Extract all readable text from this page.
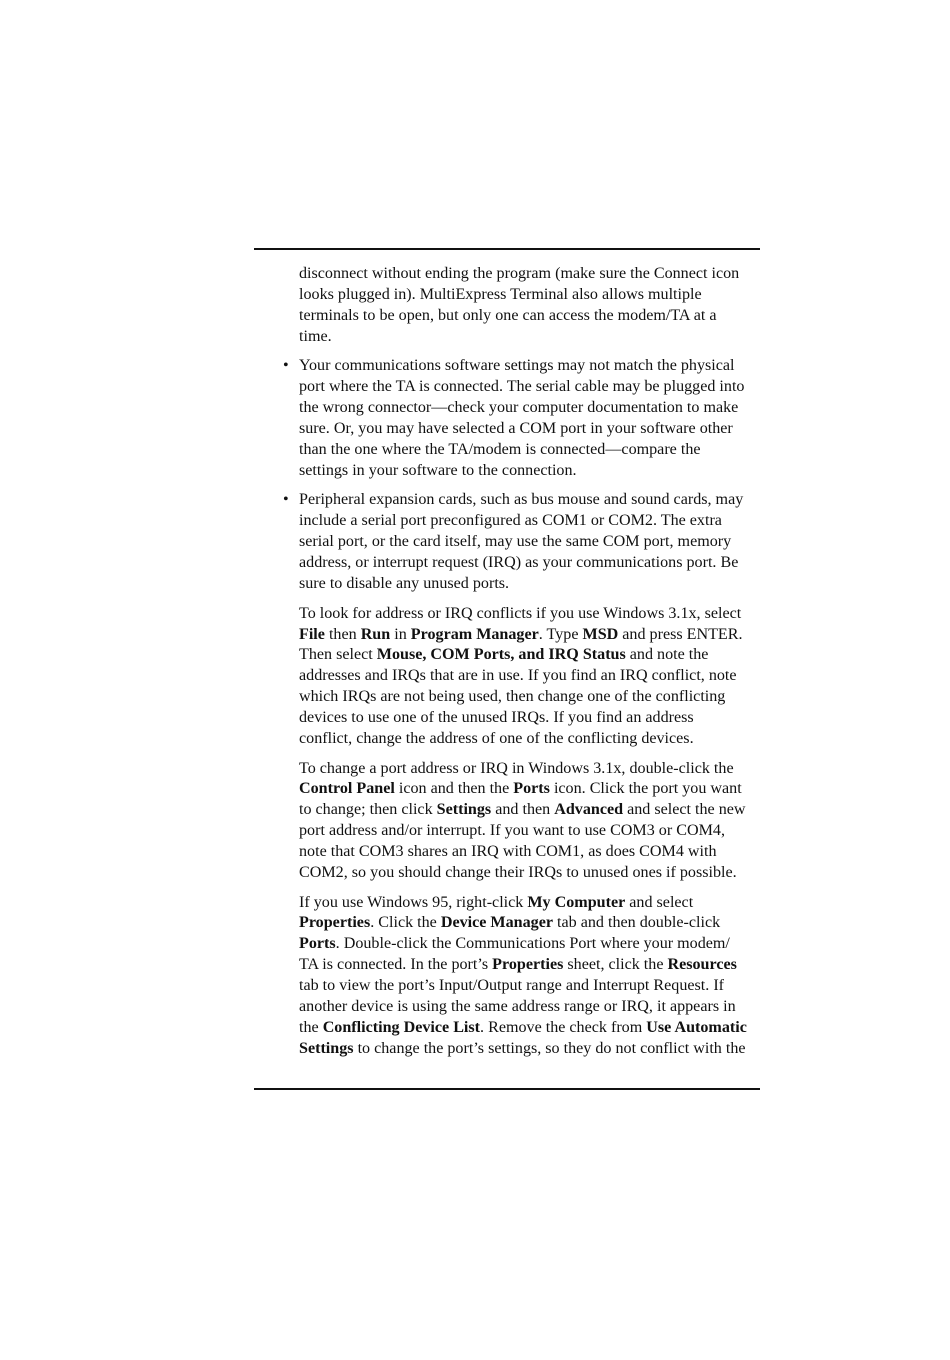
disconnect without ending the program (make sure the Connect icon
looks plugged in). MultiExpress Terminal also allows multiple
terminals to be open, but only one can access the modem/TA at a
time.
• Your communications software settings may not match the physical
port where the TA is connected. The serial cable may be plugged into
the wrong connector—check your computer documentation to make
sure. Or, you may have selected a COM port in your software other
than the one where the TA/modem is connected—compare the
settings in your software to the connection.
• Peripheral expansion cards, such as bus mouse and sound cards, may
include a serial port preconfigured as COM1 or COM2. The extra
serial port, or the card itself, may use the same COM port, memory
address, or interrupt request (IRQ) as your communications port. Be
sure to disable any unused ports.
To look for address or IRQ conflicts if you use Windows 3.1x, select
File then Run in Program Manager. Type MSD and press ENTER.
Then select Mouse, COM Ports, and IRQ Status and note the
addresses and IRQs that are in use. If you find an IRQ conflict, note
which IRQs are not being used, then change one of the conflicting
devices to use one of the unused IRQs. If you find an address
conflict, change the address of one of the conflicting devices.
To change a port address or IRQ in Windows 3.1x, double-click the
Control Panel icon and then the Ports icon. Click the port you want
to change; then click Settings and then Advanced and select the new
port address and/or interrupt. If you want to use COM3 or COM4,
note that COM3 shares an IRQ with COM1, as does COM4 with
COM2, so you should change their IRQs to unused ones if possible.
If you use Windows 95, right-click My Computer and select
Properties. Click the Device Manager tab and then double-click
Ports. Double-click the Communications Port where your modem/
TA is connected. In the port’s Properties sheet, click the Resources
tab to view the port’s Input/Output range and Interrupt Request. If
another device is using the same address range or IRQ, it appears in
the Conflicting Device List. Remove the check from Use Automatic
Settings to change the port’s settings, so they do not conflict with the
